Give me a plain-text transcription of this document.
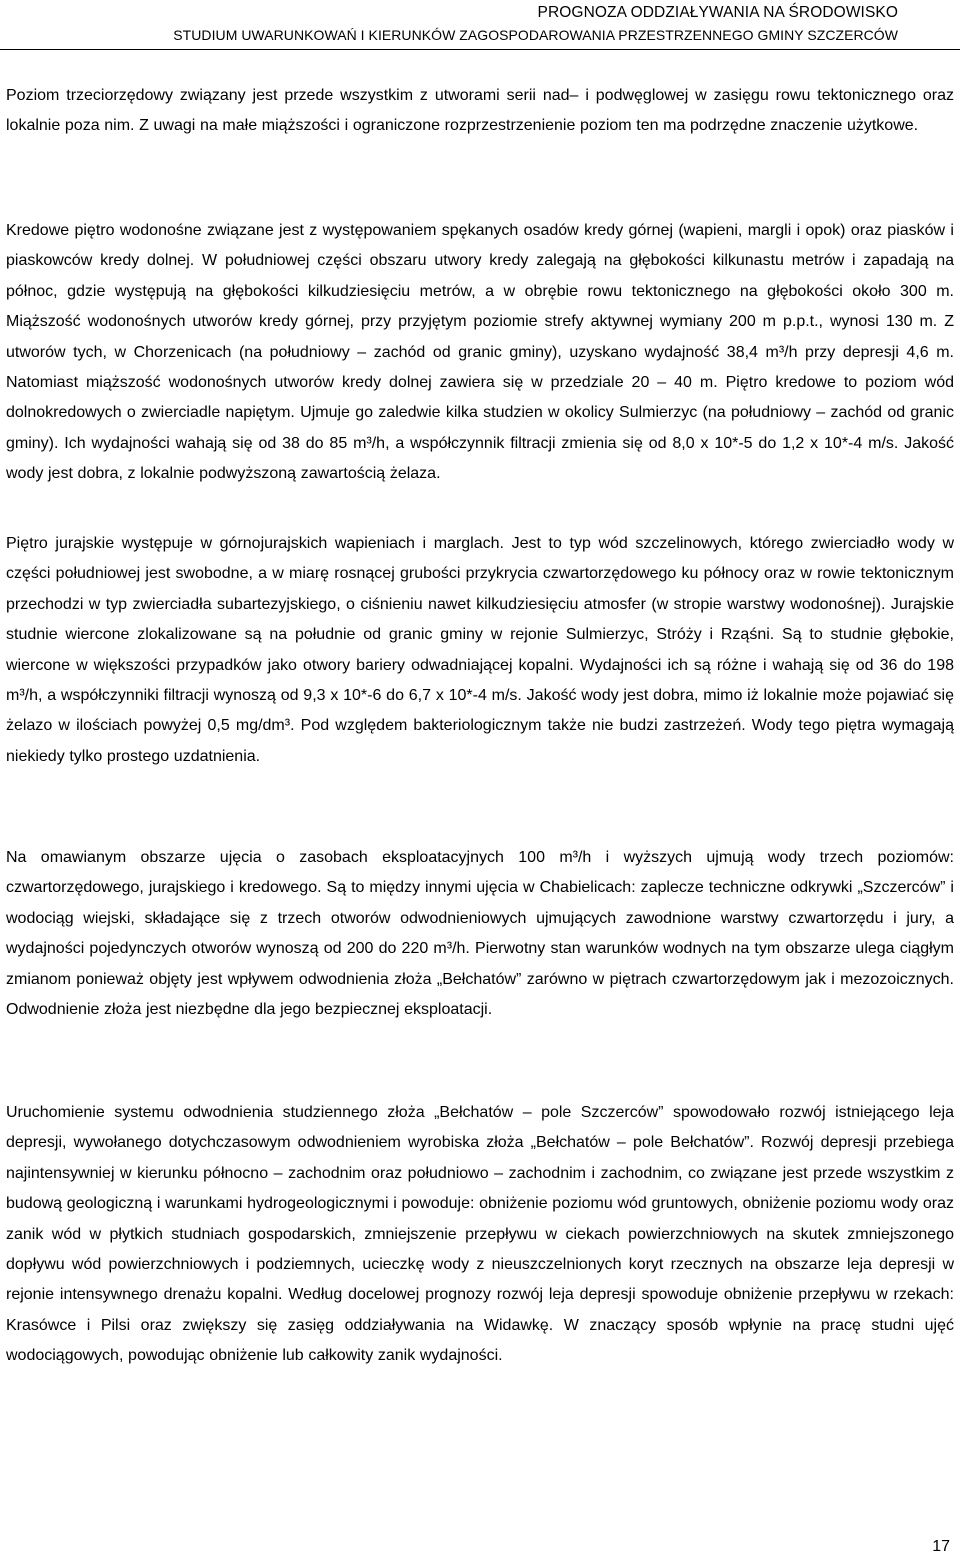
PROGNOZA ODDZIAŁYWANIA NA ŚRODOWISKO
STUDIUM UWARUNKOWAŃ I KIERUNKÓW ZAGOSPODAROWANIA PRZESTRZENNEGO GMINY SZCZERCÓW

Poziom trzeciorzędowy związany jest przede wszystkim z utworami serii nad– i podwęglowej w zasięgu rowu tektonicznego oraz lokalnie poza nim. Z uwagi na małe miąższości i ograniczone rozprzestrzenienie poziom ten ma podrzędne znaczenie użytkowe.

Kredowe piętro wodonośne związane jest z występowaniem spękanych osadów kredy górnej (wapieni, margli i opok) oraz piasków i piaskowców kredy dolnej. W południowej części obszaru utwory kredy zalegają na głębokości kilkunastu metrów i zapadają na północ, gdzie występują na głębokości kilkudziesięciu metrów, a w obrębie rowu tektonicznego na głębokości około 300 m. Miąższość wodonośnych utworów kredy górnej, przy przyjętym poziomie strefy aktywnej wymiany 200 m p.p.t., wynosi 130 m. Z utworów tych, w Chorzenicach (na południowy – zachód od granic gminy), uzyskano wydajność 38,4 m³/h przy depresji 4,6 m. Natomiast miąższość wodonośnych utworów kredy dolnej zawiera się w przedziale 20 – 40 m. Piętro kredowe to poziom wód dolnokredowych o zwierciadle napiętym. Ujmuje go zaledwie kilka studzien w okolicy Sulmierzyc (na południowy – zachód od granic gminy). Ich wydajności wahają się od 38 do 85 m³/h, a współczynnik filtracji zmienia się od 8,0 x 10*-5 do 1,2 x 10*-4 m/s. Jakość wody jest dobra, z lokalnie podwyższoną zawartością żelaza.

Piętro jurajskie występuje w górnojurajskich wapieniach i marglach. Jest to typ wód szczelinowych, którego zwierciadło wody w części południowej jest swobodne, a w miarę rosnącej grubości przykrycia czwartorzędowego ku północy oraz w rowie tektonicznym przechodzi w typ zwierciadła subartezyjskiego, o ciśnieniu nawet kilkudziesięciu atmosfer (w stropie warstwy wodonośnej). Jurajskie studnie wiercone zlokalizowane są na południe od granic gminy w rejonie Sulmierzyc, Stróży i Rząśni. Są to studnie głębokie, wiercone w większości przypadków jako otwory bariery odwadniającej kopalni. Wydajności ich są różne i wahają się od 36 do 198 m³/h, a współczynniki filtracji wynoszą od 9,3 x 10*-6 do 6,7 x 10*-4 m/s. Jakość wody jest dobra, mimo iż lokalnie może pojawiać się żelazo w ilościach powyżej 0,5 mg/dm³. Pod względem bakteriologicznym także nie budzi zastrzeżeń. Wody tego piętra wymagają niekiedy tylko prostego uzdatnienia.

Na omawianym obszarze ujęcia o zasobach eksploatacyjnych 100 m³/h i wyższych ujmują wody trzech poziomów: czwartorzędowego, jurajskiego i kredowego. Są to między innymi ujęcia w Chabielicach: zaplecze techniczne odkrywki „Szczerców” i wodociąg wiejski, składające się z trzech otworów odwodnieniowych ujmujących zawodnione warstwy czwartorzędu i jury, a wydajności pojedynczych otworów wynoszą od 200 do 220 m³/h. Pierwotny stan warunków wodnych na tym obszarze ulega ciągłym zmianom ponieważ objęty jest wpływem odwodnienia złoża „Bełchatów” zarówno w piętrach czwartorzędowym jak i mezozoicznych. Odwodnienie złoża jest niezbędne dla jego bezpiecznej eksploatacji.

Uruchomienie systemu odwodnienia studziennego złoża „Bełchatów – pole Szczerców” spowodowało rozwój istniejącego leja depresji, wywołanego dotychczasowym odwodnieniem wyrobiska złoża „Bełchatów – pole Bełchatów”. Rozwój depresji przebiega najintensywniej w kierunku północno – zachodnim oraz południowo – zachodnim i zachodnim, co związane jest przede wszystkim z budową geologiczną i warunkami hydrogeologicznymi i powoduje: obniżenie poziomu wód gruntowych, obniżenie poziomu wody oraz zanik wód w płytkich studniach gospodarskich, zmniejszenie przepływu w ciekach powierzchniowych na skutek zmniejszonego dopływu wód powierzchniowych i podziemnych, ucieczkę wody z nieuszczelnionych koryt rzecznych na obszarze leja depresji w rejonie intensywnego drenażu kopalni. Według docelowej prognozy rozwój leja depresji spowoduje obniżenie przepływu w rzekach: Krasówce i Pilsi oraz zwiększy się zasięg oddziaływania na Widawkę. W znaczący sposób wpłynie na pracę studni ujęć wodociągowych, powodując obniżenie lub całkowity zanik wydajności.

17
